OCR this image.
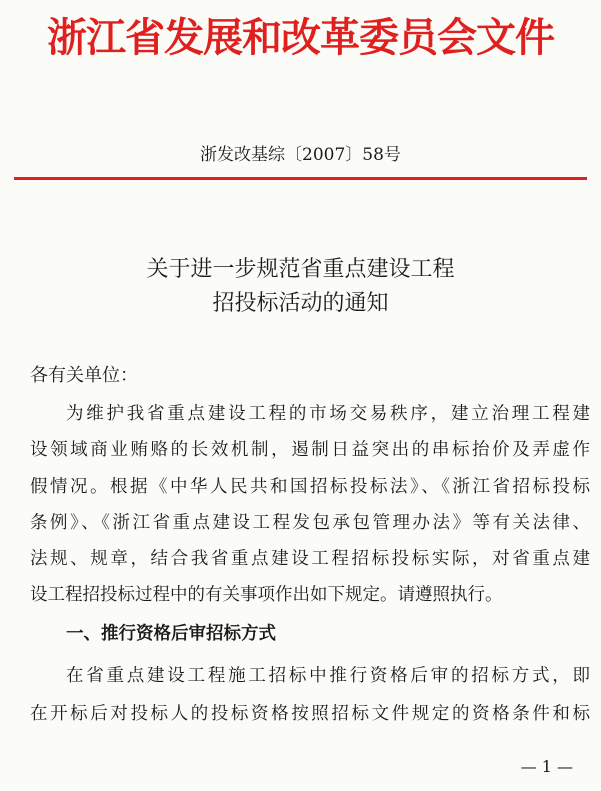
浙江省发展和改革委员会文件
浙发改基综〔2007〕58号
关于进一步规范省重点建设工程
招投标活动的通知
各有关单位：
为维护我省重点建设工程的市场交易秩序，建立治理工程建
设领域商业贿赂的长效机制，遏制日益突出的串标抬价及弄虚作
假情况。根据《中华人民共和国招标投标法》、《浙江省招标投标
条例》、《浙江省重点建设工程发包承包管理办法》等有关法律、
法规、规章，结合我省重点建设工程招标投标实际，对省重点建
设工程招投标过程中的有关事项作出如下规定。请遵照执行。
一、推行资格后审招标方式
在省重点建设工程施工招标中推行资格后审的招标方式，即
在开标后对投标人的投标资格按照招标文件规定的资格条件和标
— 1 —
